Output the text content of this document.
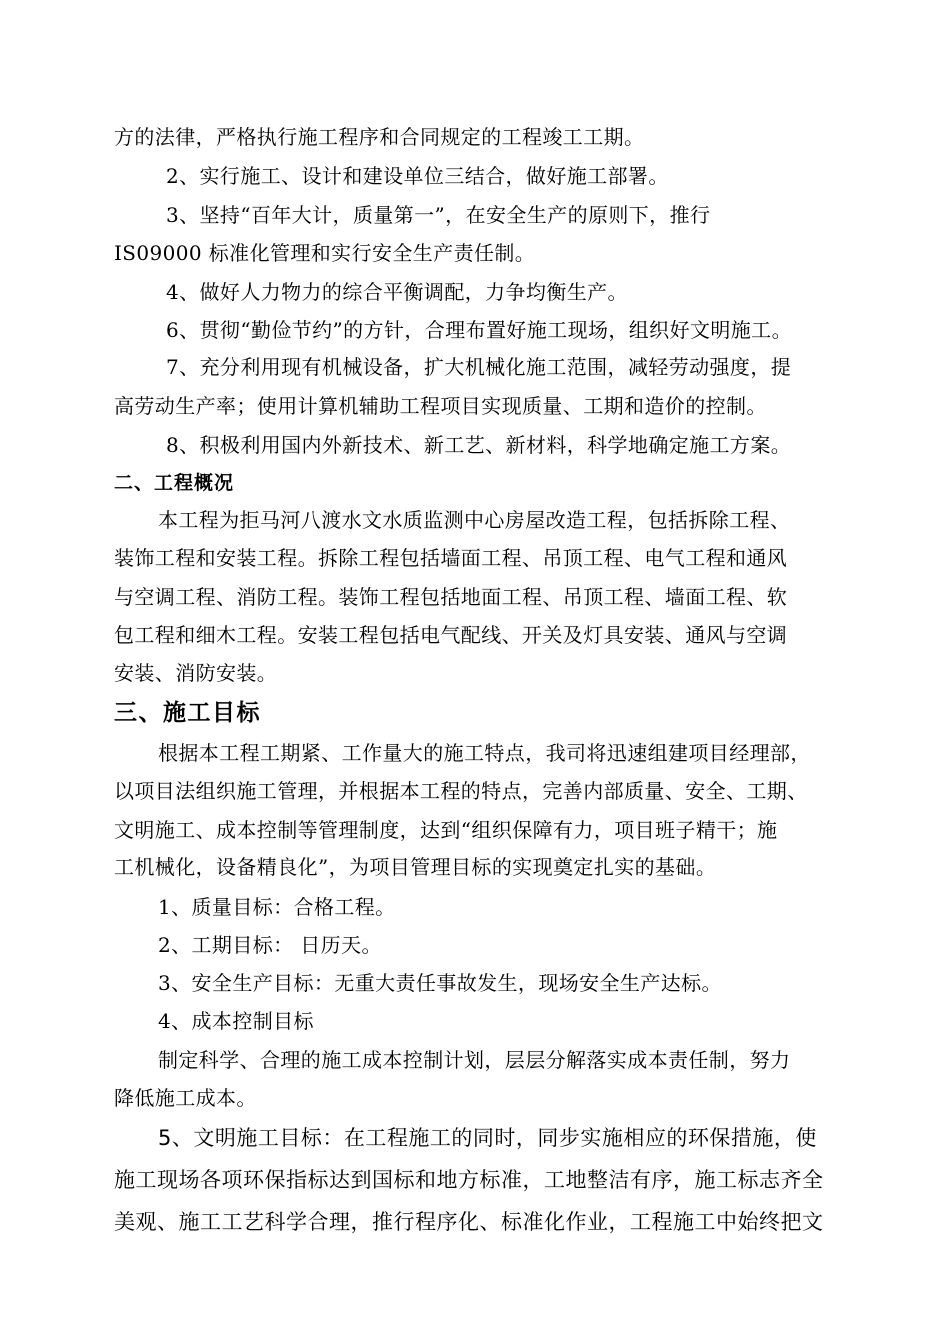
方的法律，严格执行施工程序和合同规定的工程竣工工期。
2、实行施工、设计和建设单位三结合，做好施工部署。
3、坚持“百年大计，质量第一”，在安全生产的原则下，推行
IS09000 标准化管理和实行安全生产责任制。
4、做好人力物力的综合平衡调配，力争均衡生产。
6、贯彻“勤俭节约”的方针，合理布置好施工现场，组织好文明施工。
7、充分利用现有机械设备，扩大机械化施工范围，减轻劳动强度，提
高劳动生产率；使用计算机辅助工程项目实现质量、工期和造价的控制。
8、积极利用国内外新技术、新工艺、新材料，科学地确定施工方案。
二、工程概况
本工程为拒马河八渡水文水质监测中心房屋改造工程，包括拆除工程、
装饰工程和安装工程。拆除工程包括墙面工程、吊顶工程、电气工程和通风
与空调工程、消防工程。装饰工程包括地面工程、吊顶工程、墙面工程、软
包工程和细木工程。安装工程包括电气配线、开关及灯具安装、通风与空调
安装、消防安装。
三、施工目标
根据本工程工期紧、工作量大的施工特点，我司将迅速组建项目经理部，
以项目法组织施工管理，并根据本工程的特点，完善内部质量、安全、工期、
文明施工、成本控制等管理制度，达到“组织保障有力，项目班子精干；施
工机械化，设备精良化”，为项目管理目标的实现奠定扎实的基础。
1、质量目标：合格工程。
2、工期目标： 日历天。
3、安全生产目标：无重大责任事故发生，现场安全生产达标。
4、成本控制目标
制定科学、合理的施工成本控制计划，层层分解落实成本责任制，努力
降低施工成本。
5、文明施工目标：在工程施工的同时，同步实施相应的环保措施，使
施工现场各项环保指标达到国标和地方标准，工地整洁有序，施工标志齐全
美观、施工工艺科学合理，推行程序化、标准化作业，工程施工中始终把文
